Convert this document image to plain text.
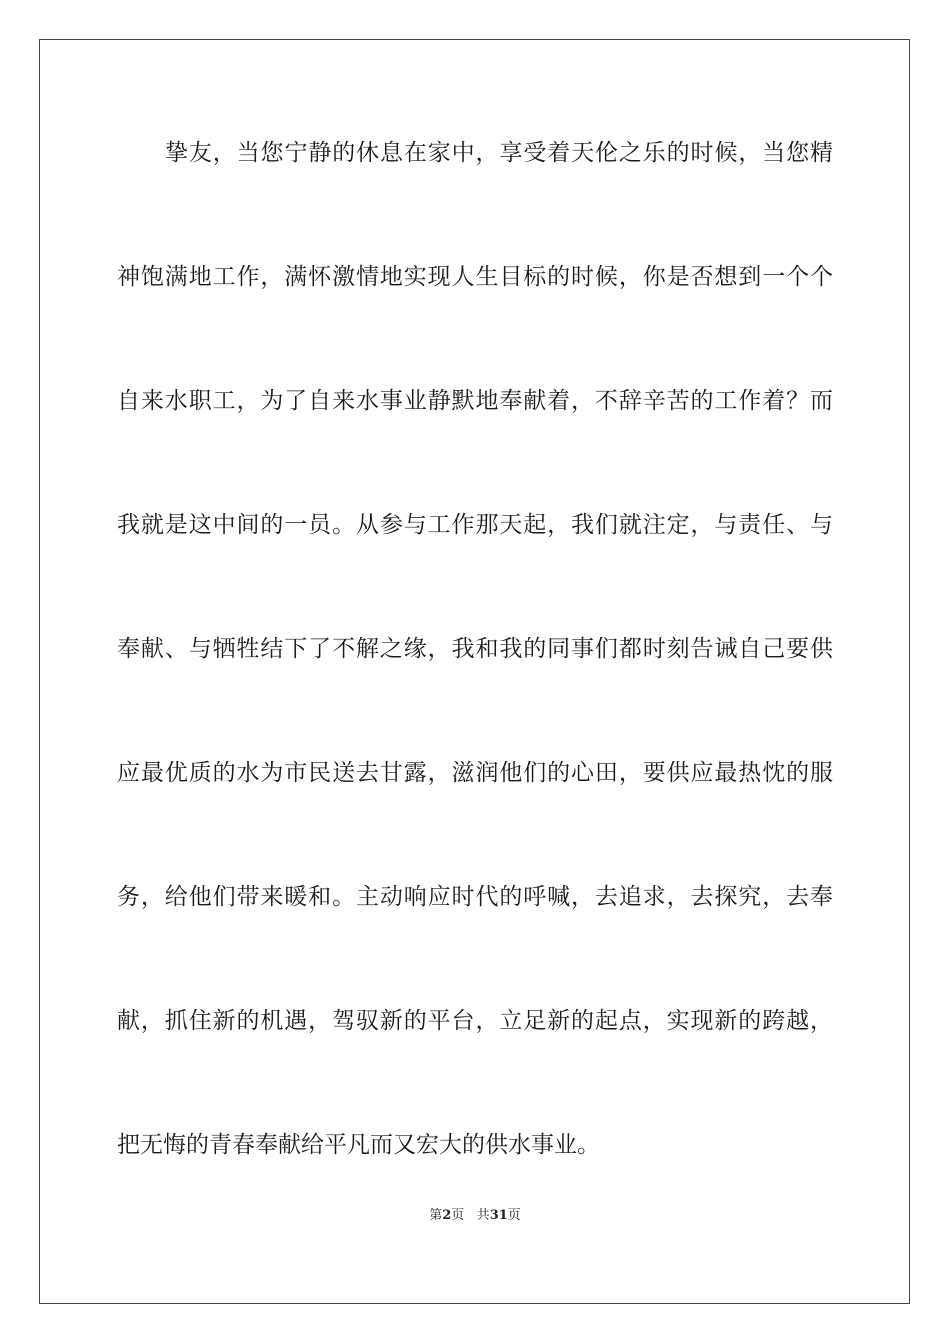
挚友，当您宁静的休息在家中，享受着天伦之乐的时候，当您精
神饱满地工作，满怀激情地实现人生目标的时候，你是否想到一个个
自来水职工，为了自来水事业静默地奉献着，不辞辛苦的工作着？而
我就是这中间的一员。从参与工作那天起，我们就注定，与责任、与
奉献、与牺牲结下了不解之缘，我和我的同事们都时刻告诫自己要供
应最优质的水为市民送去甘露，滋润他们的心田，要供应最热忱的服
务，给他们带来暖和。主动响应时代的呼喊，去追求，去探究，去奉
献，抓住新的机遇，驾驭新的平台，立足新的起点，实现新的跨越，
把无悔的青春奉献给平凡而又宏大的供水事业。
第2页 共31页
